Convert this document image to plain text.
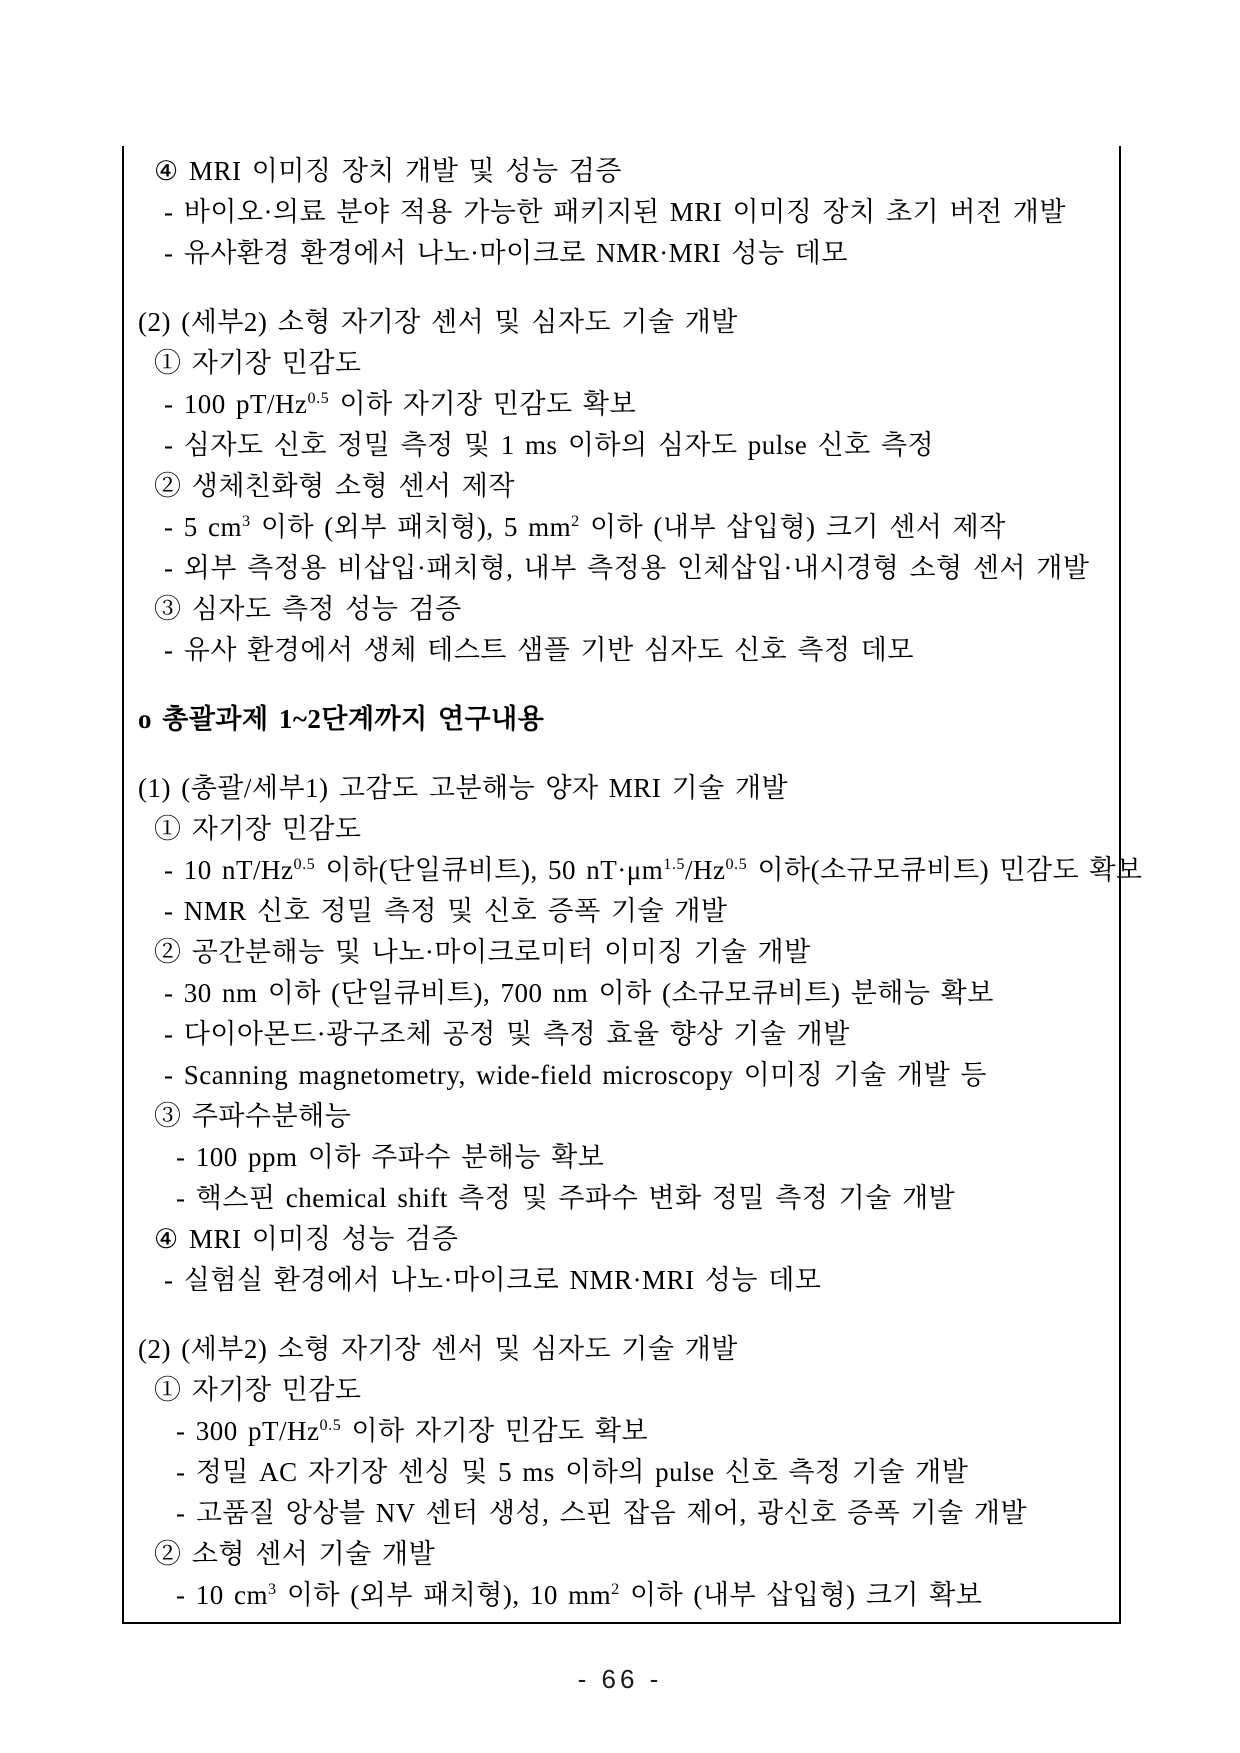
④ MRI 이미징 장치 개발 및 성능 검증
- 바이오·의료 분야 적용 가능한 패키지된 MRI 이미징 장치 초기 버전 개발
- 유사환경 환경에서 나노·마이크로 NMR·MRI 성능 데모
(2) (세부2) 소형 자기장 센서 및 심자도 기술 개발
① 자기장 민감도
- 100 $pT/Hz^{0.5}$ 이하 자기장 민감도 확보
- 심자도 신호 정밀 측정 및 1 ms 이하의 심자도 pulse 신호 측정
② 생체친화형 소형 센서 제작
- 5 $cm^3$ 이하 (외부 패치형), 5 $mm^2$ 이하 (내부 삽입형) 크기 센서 제작
- 외부 측정용 비삽입·패치형, 내부 측정용 인체삽입·내시경형 소형 센서 개발
③ 심자도 측정 성능 검증
- 유사 환경에서 생체 테스트 샘플 기반 심자도 신호 측정 데모
o 총괄과제 1~2단계까지 연구내용
(1) (총괄/세부1) 고감도 고분해능 양자 MRI 기술 개발
① 자기장 민감도
- 10 $nT/Hz^{0.5}$ 이하(단일큐비트), 50 $nT\cdot\mu m^{1.5}/Hz^{0.5}$ 이하(소규모큐비트) 민감도 확보
- NMR 신호 정밀 측정 및 신호 증폭 기술 개발
② 공간분해능 및 나노·마이크로미터 이미징 기술 개발
- 30 nm 이하 (단일큐비트), 700 nm 이하 (소규모큐비트) 분해능 확보
- 다이아몬드·광구조체 공정 및 측정 효율 향상 기술 개발
- Scanning magnetometry, wide-field microscopy 이미징 기술 개발 등
③ 주파수분해능
- 100 ppm 이하 주파수 분해능 확보
- 핵스핀 chemical shift 측정 및 주파수 변화 정밀 측정 기술 개발
④ MRI 이미징 성능 검증
- 실험실 환경에서 나노·마이크로 NMR·MRI 성능 데모
(2) (세부2) 소형 자기장 센서 및 심자도 기술 개발
① 자기장 민감도
- 300 $pT/Hz^{0.5}$ 이하 자기장 민감도 확보
- 정밀 AC 자기장 센싱 및 5 ms 이하의 pulse 신호 측정 기술 개발
- 고품질 앙상블 NV 센터 생성, 스핀 잡음 제어, 광신호 증폭 기술 개발
② 소형 센서 기술 개발
- 10 $cm^3$ 이하 (외부 패치형), 10 $mm^2$ 이하 (내부 삽입형) 크기 확보
- 66 -
